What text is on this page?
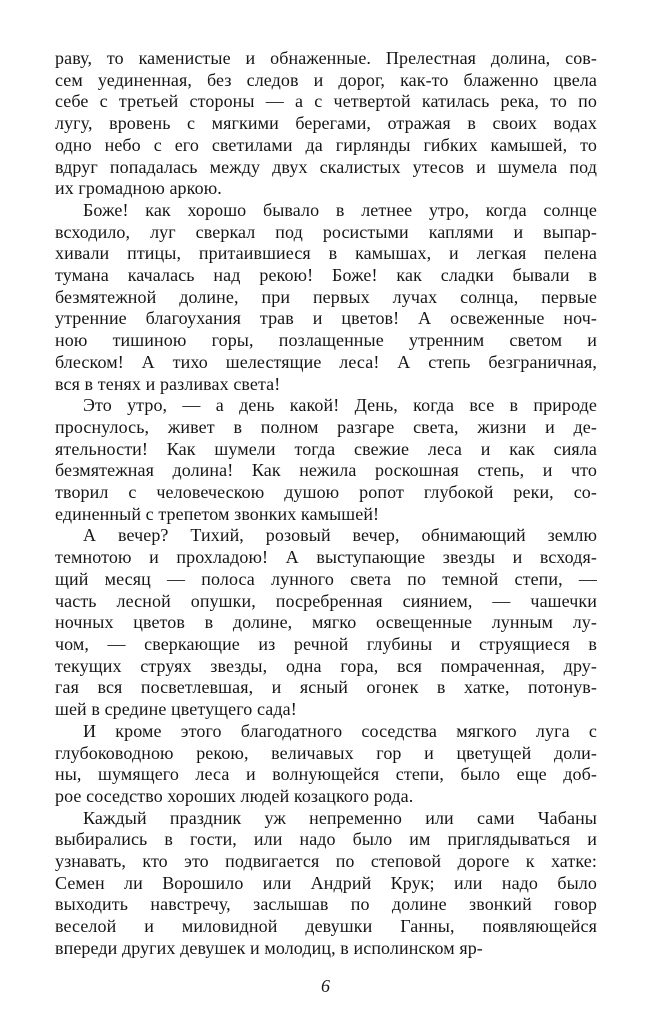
раву, то каменистые и обнаженные. Прелестная долина, сов-
сем уединенная, без следов и дорог, как-то блаженно цвела
себе с третьей стороны — а с четвертой катилась река, то по
лугу, вровень с мягкими берегами, отражая в своих водах
одно небо с его светилами да гирлянды гибких камышей, то
вдруг попадалась между двух скалистых утесов и шумела под
их громадною аркою.
Боже! как хорошо бывало в летнее утро, когда солнце
всходило, луг сверкал под росистыми каплями и выпар-
хивали птицы, притаившиеся в камышах, и легкая пелена
тумана качалась над рекою! Боже! как сладки бывали в
безмятежной долине, при первых лучах солнца, первые
утренние благоухания трав и цветов! А освеженные ноч-
ною тишиною горы, позлащенные утренним светом и
блеском! А тихо шелестящие леса! А степь безграничная,
вся в тенях и разливах света!
Это утро, — а день какой! День, когда все в природе
проснулось, живет в полном разгаре света, жизни и де-
ятельности! Как шумели тогда свежие леса и как сияла
безмятежная долина! Как нежила роскошная степь, и что
творил с человеческою душою ропот глубокой реки, со-
единенный с трепетом звонких камышей!
А вечер? Тихий, розовый вечер, обнимающий землю
темнотою и прохладою! А выступающие звезды и всходя-
щий месяц — полоса лунного света по темной степи, —
часть лесной опушки, посребренная сиянием, — чашечки
ночных цветов в долине, мягко освещенные лунным лу-
чом, — сверкающие из речной глубины и струящиеся в
текущих струях звезды, одна гора, вся помраченная, дру-
гая вся посветлевшая, и ясный огонек в хатке, потонув-
шей в средине цветущего сада!
И кроме этого благодатного соседства мягкого луга с
глубоководною рекою, величавых гор и цветущей доли-
ны, шумящего леса и волнующейся степи, было еще доб-
рое соседство хороших людей козацкого рода.
Каждый праздник уж непременно или сами Чабаны
выбирались в гости, или надо было им приглядываться и
узнавать, кто это подвигается по степовой дороге к хатке:
Семен ли Ворошило или Андрий Крук; или надо было
выходить навстречу, заслышав по долине звонкий говор
веселой и миловидной девушки Ганны, появляющейся
впереди других девушек и молодиц, в исполинском яр-
6
